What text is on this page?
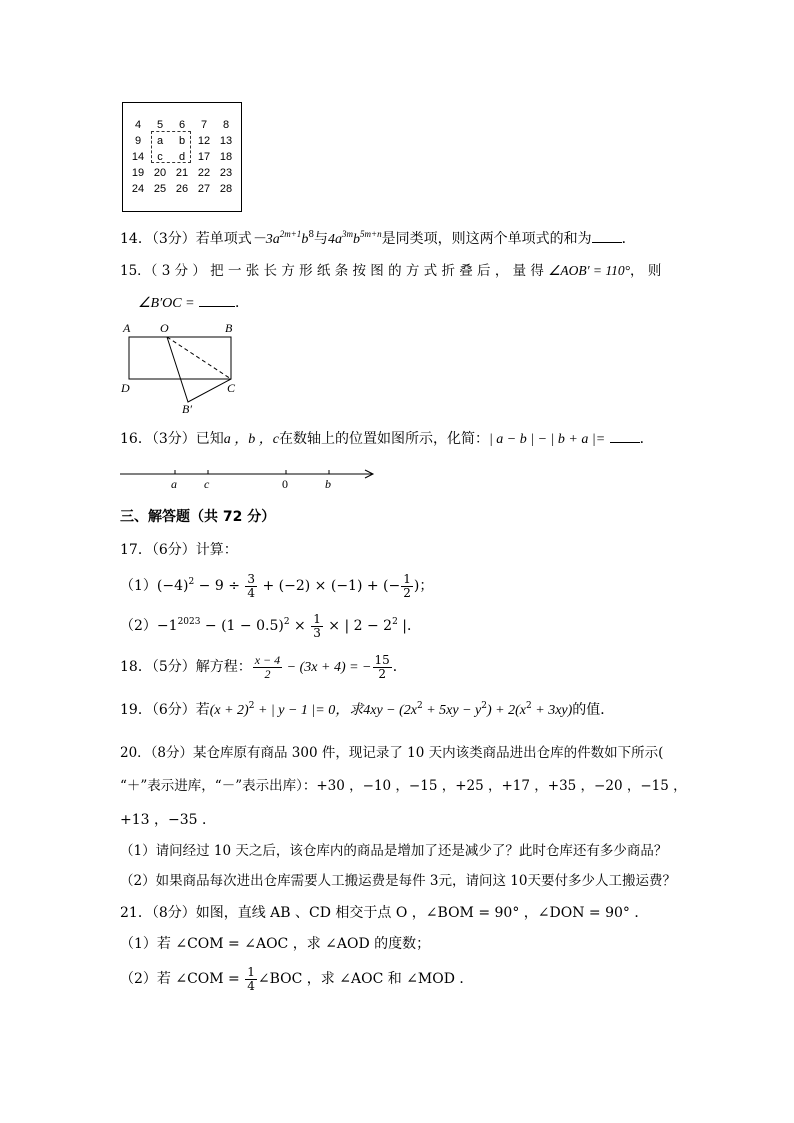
4	5	6	7	8
9	a	b	12 13
14	c	d	17 18
19 20 21 22 23
24 25 26 27 28
14．（3分）若单项式$-3a^{2m+1}b^8$与$4a^{3m}b^{5m+n}$是同类项，则这两个单项式的和为 ．
15．（ 3 分 ） 把 一 张 长 方 形 纸 条 按 图 的 方 式 折 叠 后 ， 量 得 ∠AOB′ = 110°， 则
∠B′OC =	．
A O	B
D	C
B′
16．（3分）已知a ，b ，c在数轴上的位置如图所示，化简：| a − b | − | b + a |= ．
a c	0	b
三、解答题（共 72 分）
17．（6分）计算：
$(1)(-4)^2 - 9 \div \frac{3}{4} + (-2) \times (-1)$ + (− $\frac{1}{2}$ )；
$(2)-1^{2023} - (1 - 0.5)^2 \times \frac{1}{3}$ × | $2 - 2^2$ |．
18．（5分）解方程： $\frac{x - 4}{2} - (3x + 4)$ = − $\frac{15}{2}$ ．
19．（6分）若$(x + 2)^2$ + | y − 1 |= 0，求$4xy - (2x^2 + 5xy - y^2) + 2(x^2 + 3xy)$的值．
20．（8分）某仓库原有商品 300 件，现记录了 10 天内该类商品进出仓库的件数如下所示(
“＋”表示进库，“－”表示出库）：+30 ，−10 ，−15 ，+25 ，+17 ，+35 ，−20 ，−15 ，
+13 ，−35 ．
（1）请问经过 10 天之后，该仓库内的商品是增加了还是减少了？此时仓库还有多少商品？
（2）如果商品每次进出仓库需要人工搬运费是每件 3元，请问这 10天要付多少人工搬运费？
21．（8分）如图，直线 AB 、CD 相交于点 O ，∠BOM = 90° ，∠DON = 90° ．
（1）若 ∠COM = ∠AOC ，求 ∠AOD 的度数；
（2）若 ∠COM = $\frac{1}{4}$ ∠BOC ，求 ∠AOC 和 ∠MOD ．
